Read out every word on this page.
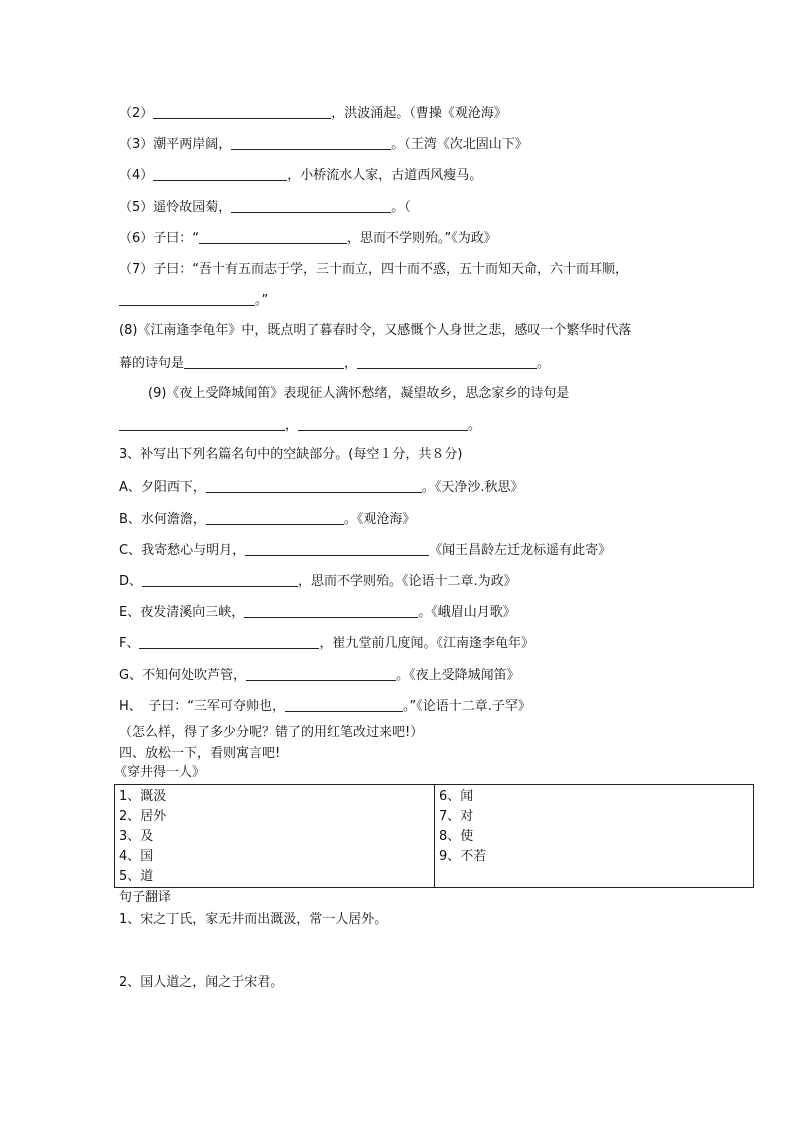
（2）	，洪波涌起。（曹操《观沧海》
（3）潮平两岸阔，	。（王湾《次北固山下》
（4）	，小桥流水人家，古道西风瘦马。
（5）遥怜故园菊，	。（
（6）子曰：“	，思而不学则殆。”《为政》
（7）子曰：“吾十有五而志于学，三十而立，四十而不惑，五十而知天命，六十而耳顺，
。”
(8)《江南逢李龟年》中，既点明了暮春时令，又感慨个人身世之悲，感叹一个繁华时代落
幕的诗句是	，	。
(9)《夜上受降城闻笛》表现征人满怀愁绪，凝望故乡，思念家乡的诗句是
，	。
3、补写出下列名篇名句中的空缺部分。(每空１分，共８分)
A、夕阳西下，	。《天净沙.秋思》
B、水何澹澹，	。《观沧海》
C、我寄愁心与明月，	《闻王昌龄左迁龙标遥有此寄》
D、	，思而不学则殆。《论语十二章.为政》
E、夜发清溪向三峡，	。《峨眉山月歌》
F、	，崔九堂前几度闻。《江南逢李龟年》
G、不知何处吹芦管，	。《夜上受降城闻笛》
H、　子曰：“三军可夺帅也，	。”《论语十二章.子罕》
（怎么样，得了多少分呢？错了的用红笔改过来吧!）
四、放松一下，看则寓言吧!
《穿井得一人》
1、溉汲
2、居外
3、及
4、国
5、道

6、闻
7、对
8、使
9、不若
句子翻译
1、宋之丁氏，家无井而出溉汲，常一人居外。
2、国人道之，闻之于宋君。
